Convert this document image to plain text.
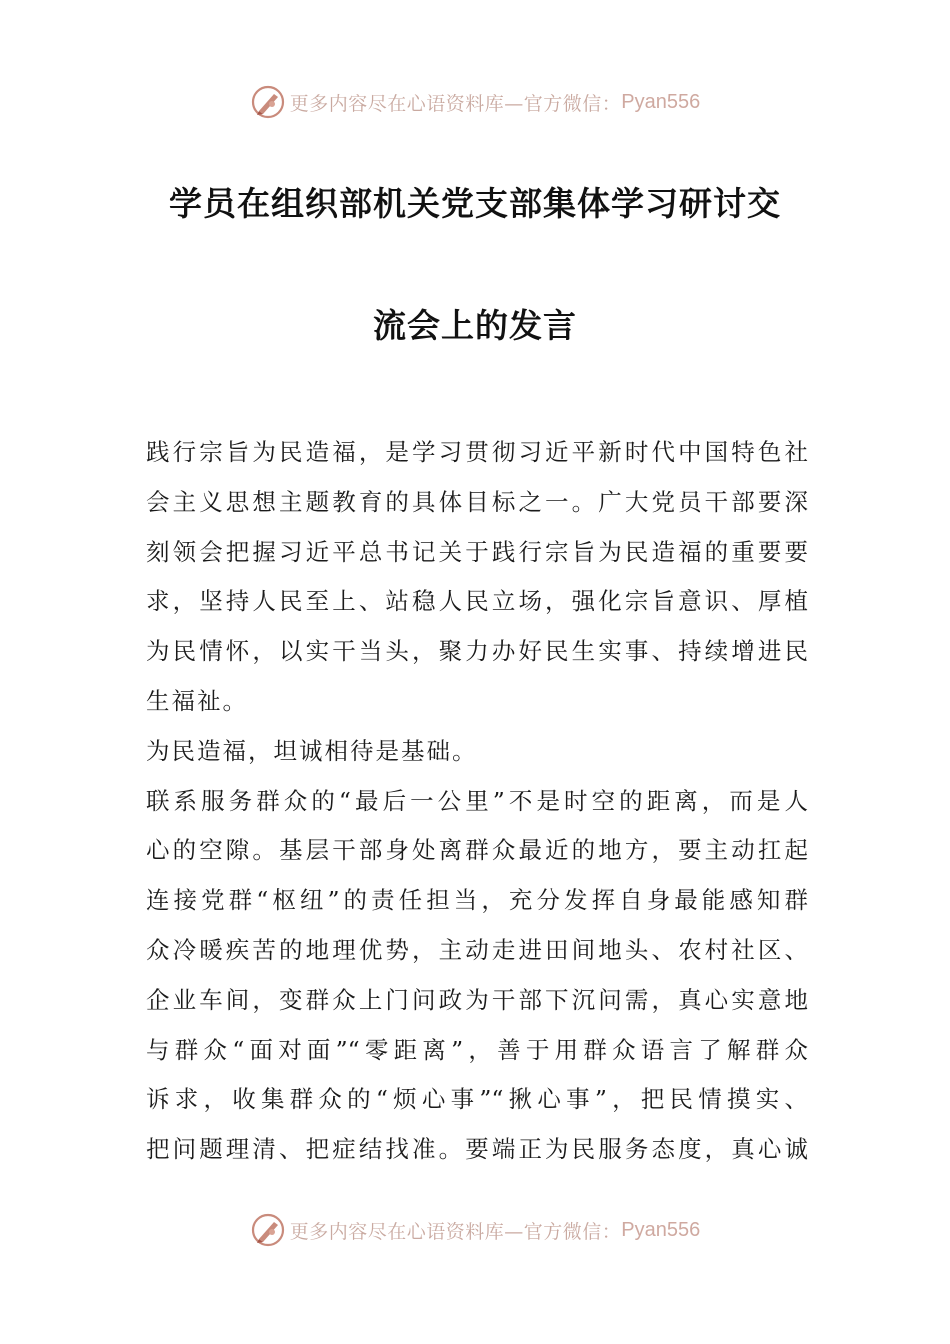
更多内容尽在心语资料库—官方微信： Pyan556
学员在组织部机关党支部集体学习研讨交
流会上的发言
践行宗旨为民造福，是学习贯彻习近平新时代中国特色社
会主义思想主题教育的具体目标之一。广大党员干部要深
刻领会把握习近平总书记关于践行宗旨为民造福的重要要
求，坚持人民至上、站稳人民立场，强化宗旨意识、厚植
为民情怀，以实干当头，聚力办好民生实事、持续增进民
生福祉。
为民造福，坦诚相待是基础。
联系服务群众的“最后一公里”不是时空的距离，而是人
心的空隙。基层干部身处离群众最近的地方，要主动扛起
连接党群“枢纽”的责任担当，充分发挥自身最能感知群
众冷暖疾苦的地理优势，主动走进田间地头、农村社区、
企业车间，变群众上门问政为干部下沉问需，真心实意地
与群众“面对面”“零距离”，善于用群众语言了解群众
诉求，收集群众的“烦心事”“揪心事”，把民情摸实、
把问题理清、把症结找准。要端正为民服务态度，真心诚
更多内容尽在心语资料库—官方微信： Pyan556
